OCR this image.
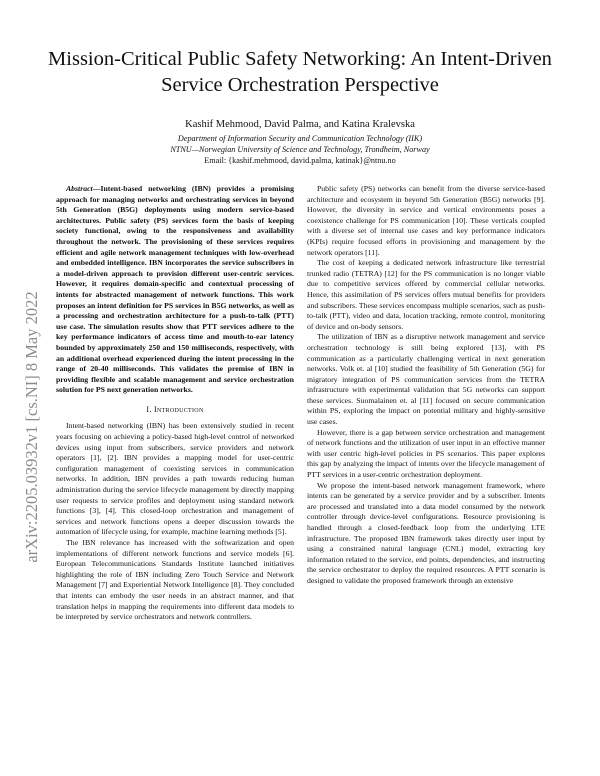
Mission-Critical Public Safety Networking: An Intent-Driven Service Orchestration Perspective
Kashif Mehmood, David Palma, and Katina Kralevska
Department of Information Security and Communication Technology (IIK)
NTNU—Norwegian University of Science and Technology, Trondheim, Norway
Email: {kashif.mehmood, david.palma, katinak}@ntnu.no
arXiv:2205.03932v1 [cs.NI] 8 May 2022

Abstract—Intent-based networking (IBN) provides a promising approach for managing networks and orchestrating services in beyond 5th Generation (B5G) deployments using modern service-based architectures. Public safety (PS) services form the basis of keeping society functional, owing to the responsiveness and availability throughout the network. The provisioning of these services requires efficient and agile network management techniques with low-overhead and embedded intelligence. IBN incorporates the service subscribers in a model-driven approach to provision different user-centric services. However, it requires domain-specific and contextual processing of intents for abstracted management of network functions. This work proposes an intent definition for PS services in B5G networks, as well as a processing and orchestration architecture for a push-to-talk (PTT) use case. The simulation results show that PTT services adhere to the key performance indicators of access time and mouth-to-ear latency bounded by approximately 250 and 150 milliseconds, respectively, with an additional overhead experienced during the intent processing in the range of 20-40 milliseconds. This validates the premise of IBN in providing flexible and scalable management and service orchestration solution for PS next generation networks.

I. Introduction

Intent-based networking (IBN) has been extensively studied in recent years focusing on achieving a policy-based high-level control of networked devices using input from subscribers, service providers and network operators [1], [2]. IBN provides a mapping model for user-centric configuration management of coexisting services in communication networks. In addition, IBN provides a path towards reducing human administration during the service lifecycle management by directly mapping user requests to service profiles and deployment using standard network functions [3], [4]. This closed-loop orchestration and management of services and network functions opens a deeper discussion towards the automation of lifecycle using, for example, machine learning methods [5].

The IBN relevance has increased with the softwarization and open implementations of different network functions and service models [6]. European Telecommunications Standards Institute launched initiatives highlighting the role of IBN including Zero Touch Service and Network Management [7] and Experiential Network Intelligence [8]. They concluded that intents can embody the user needs in an abstract manner, and that translation helps in mapping the requirements into different data models to be interpreted by service orchestrators and network controllers.

Public safety (PS) networks can benefit from the diverse service-based architecture and ecosystem in beyond 5th Generation (B5G) networks [9]. However, the diversity in service and vertical environments poses a coexistence challenge for PS communication [10]. These verticals coupled with a diverse set of internal use cases and key performance indicators (KPIs) require focused efforts in provisioning and management by the network operators [11].

The cost of keeping a dedicated network infrastructure like terrestrial trunked radio (TETRA) [12] for the PS communication is no longer viable due to competitive services offered by commercial cellular networks. Hence, this assimilation of PS services offers mutual benefits for providers and subscribers. These services encompass multiple scenarios, such as push-to-talk (PTT), video and data, location tracking, remote control, monitoring of device and on-body sensors.

The utilization of IBN as a disruptive network management and service orchestration technology is still being explored [13], with PS communication as a particularly challenging vertical in next generation networks. Volk et. al [10] studied the feasibility of 5th Generation (5G) for migratory integration of PS communication services from the TETRA infrastructure with experimental validation that 5G networks can support these services. Suomalainen et. al [11] focused on secure communication within PS, exploring the impact on potential military and highly-sensitive use cases.

However, there is a gap between service orchestration and management of network functions and the utilization of user input in an effective manner with user centric high-level policies in PS scenarios. This paper explores this gap by analyzing the impact of intents over the lifecycle management of PTT services in a user-centric orchestration deployment.

We propose the intent-based network management framework, where intents can be generated by a service provider and by a subscriber. Intents are processed and translated into a data model consumed by the network controller through device-level configurations. Resource provisioning is handled through a closed-feedback loop from the underlying LTE infrastructure. The proposed IBN framework takes directly user input by using a constrained natural language (CNL) model, extracting key information related to the service, end points, dependencies, and instructing the service orchestrator to deploy the required resources. A PTT scenario is designed to validate the proposed framework through an extensive
